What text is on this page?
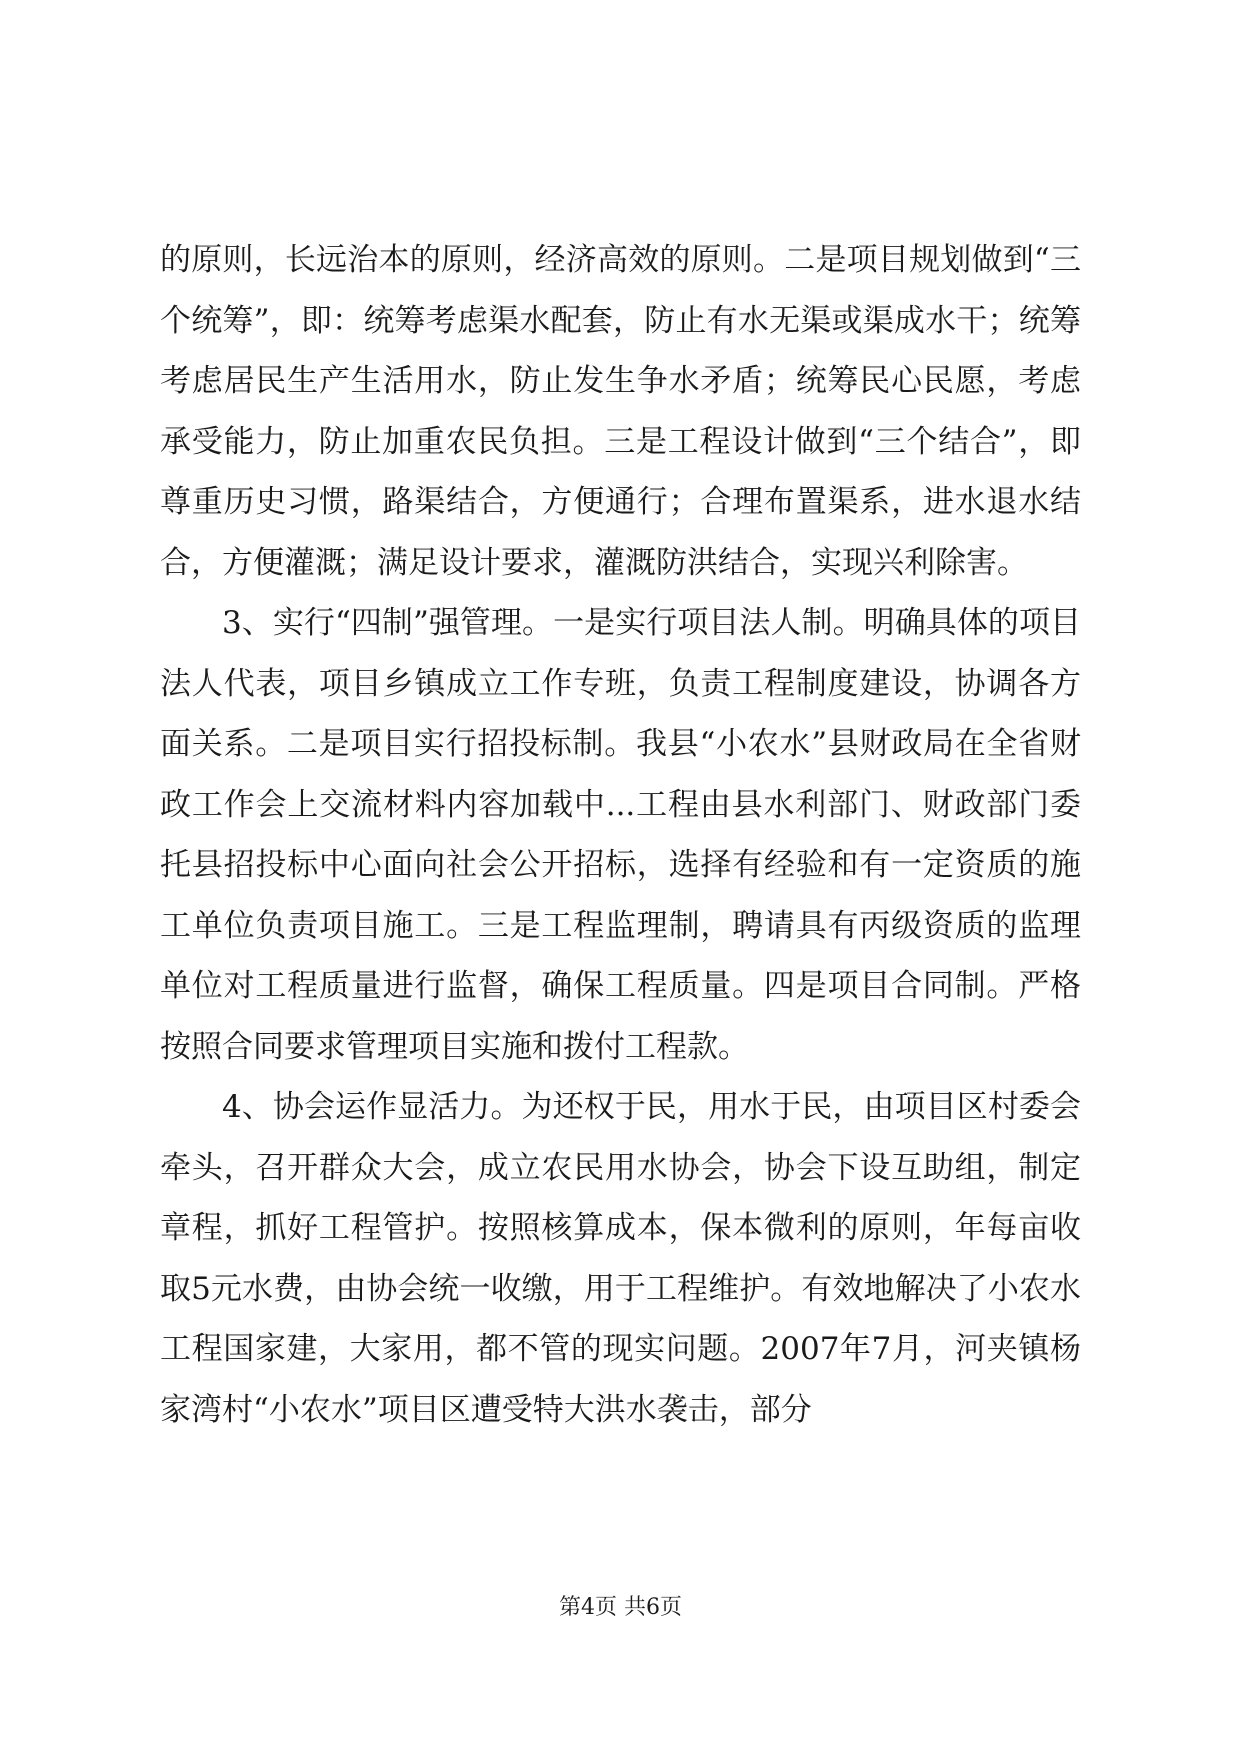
的原则，长远治本的原则，经济高效的原则。二是项目规划做到“三个统筹”，即：统筹考虑渠水配套，防止有水无渠或渠成水干；统筹考虑居民生产生活用水，防止发生争水矛盾；统筹民心民愿，考虑承受能力，防止加重农民负担。三是工程设计做到“三个结合”，即尊重历史习惯，路渠结合，方便通行；合理布置渠系，进水退水结合，方便灌溉；满足设计要求，灌溉防洪结合，实现兴利除害。

3、实行“四制”强管理。一是实行项目法人制。明确具体的项目法人代表，项目乡镇成立工作专班，负责工程制度建设，协调各方面关系。二是项目实行招投标制。我县“小农水”县财政局在全省财政工作会上交流材料内容加载中...工程由县水利部门、财政部门委托县招投标中心面向社会公开招标，选择有经验和有一定资质的施工单位负责项目施工。三是工程监理制，聘请具有丙级资质的监理单位对工程质量进行监督，确保工程质量。四是项目合同制。严格按照合同要求管理项目实施和拨付工程款。

4、协会运作显活力。为还权于民，用水于民，由项目区村委会牵头，召开群众大会，成立农民用水协会，协会下设互助组，制定章程，抓好工程管护。按照核算成本，保本微利的原则，年每亩收取5元水费，由协会统一收缴，用于工程维护。有效地解决了小农水工程国家建，大家用，都不管的现实问题。2007年7月，河夹镇杨家湾村“小农水”项目区遭受特大洪水袭击，部分

第4页 共6页
